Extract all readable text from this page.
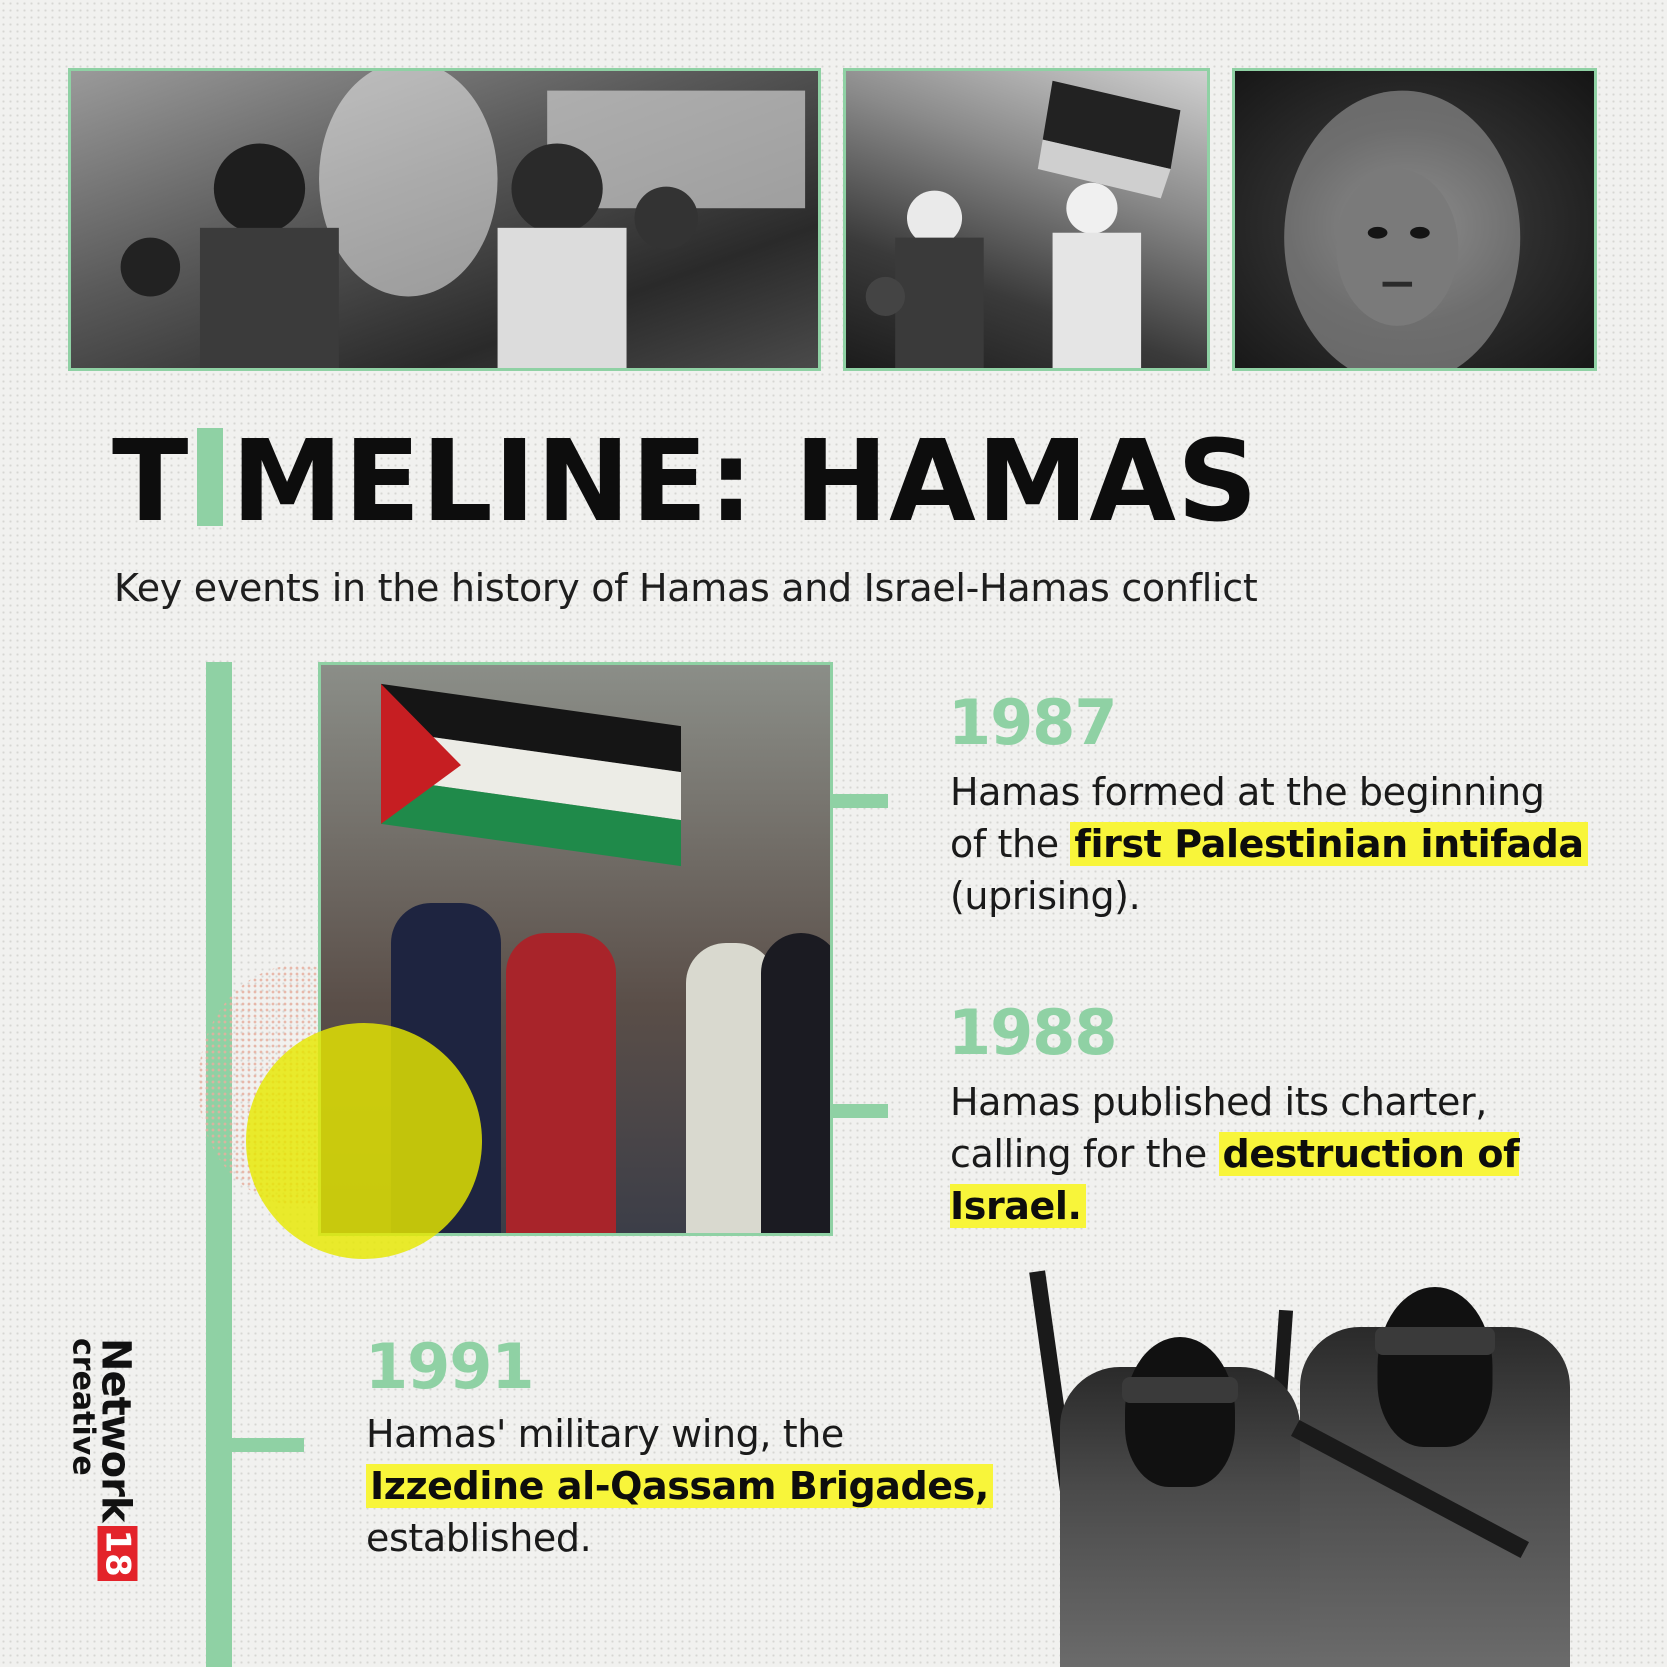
T MELINE: HAMAS

Key events in the history of Hamas and Israel-Hamas conflict

1987

Hamas formed at the beginning of the first Palestinian intifada (uprising).

1988

Hamas published its charter, calling for the destruction of Israel.

1991

Hamas' military wing, the Izzedine al-Qassam Brigades, established.

Network18
creative
